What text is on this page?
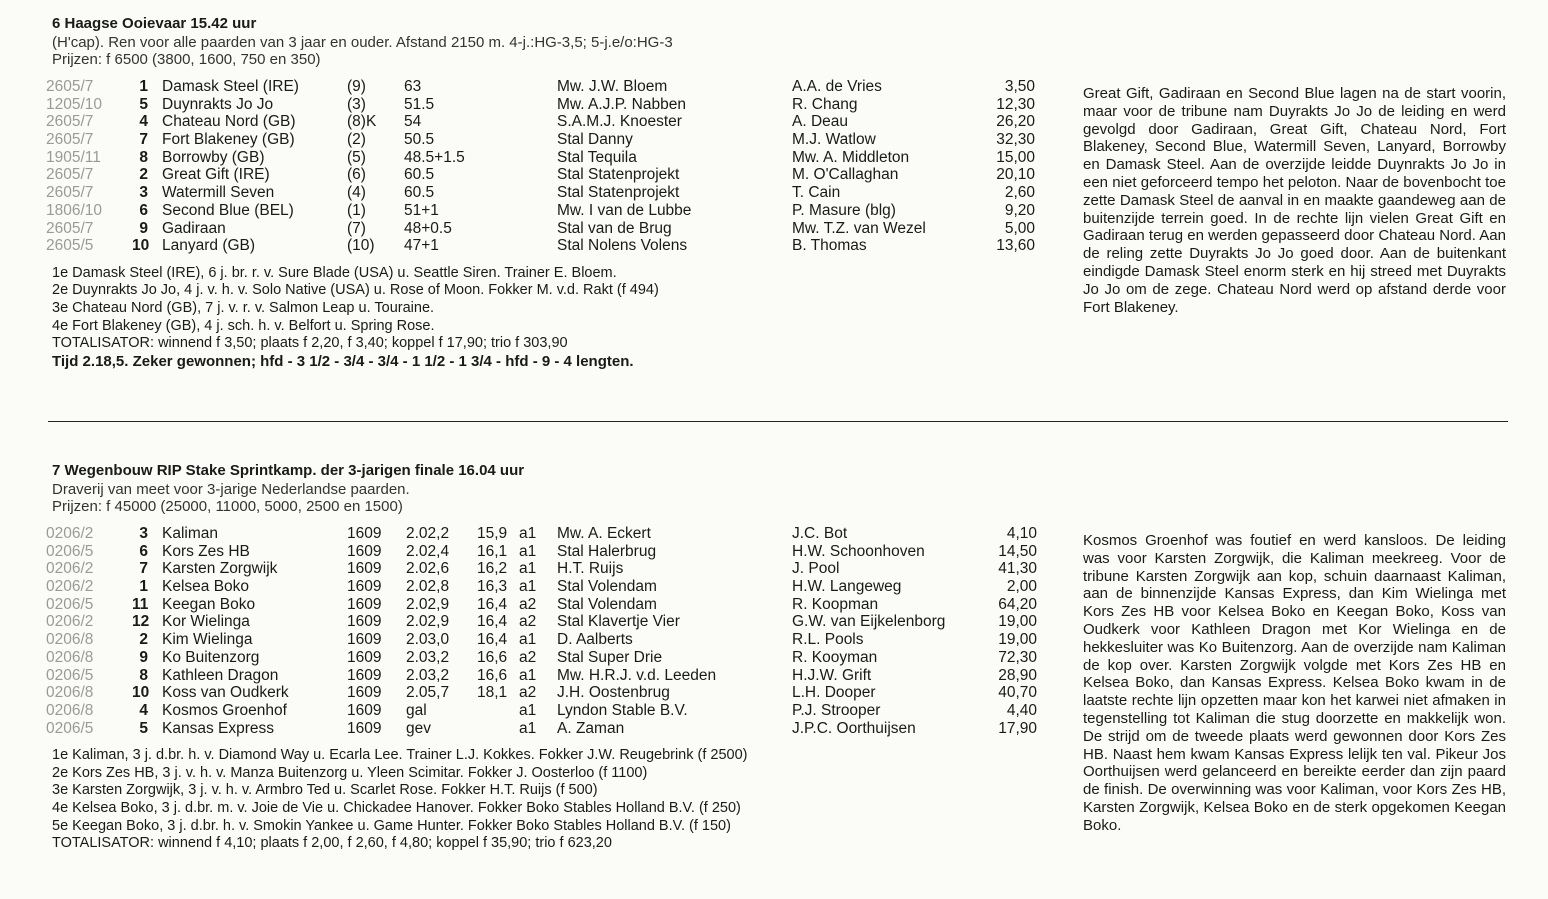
6 Haagse Ooievaar 15.42 uur
(H'cap). Ren voor alle paarden van 3 jaar en ouder. Afstand 2150 m. 4-j.:HG-3,5; 5-j.e/o:HG-3
Prijzen: f 6500 (3800, 1600, 750 en 350)
2605/7	1 Damask Steel (IRE)	(9) 63	Mw. J.W. Bloem	A.A. de Vries	3,50
1205/10	5 Duynrakts Jo Jo	(3) 51.5	Mw. A.J.P. Nabben	R. Chang	12,30
2605/7	4 Chateau Nord (GB)	(8)K 54	S.A.M.J. Knoester	A. Deau	26,20
2605/7	7 Fort Blakeney (GB)	(2) 50.5	Stal Danny	M.J. Watlow	32,30
1905/11	8 Borrowby (GB)	(5) 48.5+1.5	Stal Tequila	Mw. A. Middleton	15,00
2605/7	2 Great Gift (IRE)	(6) 60.5	Stal Statenprojekt	M. O'Callaghan	20,10
2605/7	3 Watermill Seven	(4) 60.5	Stal Statenprojekt	T. Cain	2,60
1806/10	6 Second Blue (BEL)	(1) 51+1	Mw. I van de Lubbe	P. Masure (blg)	9,20
2605/7	9 Gadiraan	(7) 48+0.5	Stal van de Brug	Mw. T.Z. van Wezel	5,00
2605/5 10 Lanyard (GB)	(10) 47+1	Stal Nolens Volens	B. Thomas	13,60
1e Damask Steel (IRE), 6 j. br. r. v. Sure Blade (USA) u. Seattle Siren. Trainer E. Bloem.
2e Duynrakts Jo Jo, 4 j. v. h. v. Solo Native (USA) u. Rose of Moon. Fokker M. v.d. Rakt (f 494)
3e Chateau Nord (GB), 7 j. v. r. v. Salmon Leap u. Touraine.
4e Fort Blakeney (GB), 4 j. sch. h. v. Belfort u. Spring Rose.
TOTALISATOR: winnend f 3,50; plaats f 2,20, f 3,40; koppel f 17,90; trio f 303,90
Tijd 2.18,5. Zeker gewonnen; hfd - 3 1/2 - 3/4 - 3/4 - 1 1/2 - 1 3/4 - hfd - 9 - 4 lengten.
Great Gift, Gadiraan en Second Blue lagen na de start voorin, maar voor de tribune nam Duyrakts Jo Jo de leiding en werd gevolgd door Gadiraan, Great Gift, Chateau Nord, Fort Blakeney, Second Blue, Watermill Seven, Lanyard, Borrowby en Damask Steel. Aan de overzijde leidde Duynrakts Jo Jo in een niet geforceerd tempo het peloton. Naar de bovenbocht toe zette Damask Steel de aanval in en maakte gaandeweg aan de buitenzijde terrein goed. In de rechte lijn vielen Great Gift en Gadiraan terug en werden gepasseerd door Chateau Nord. Aan de reling zette Duyrakts Jo Jo goed door. Aan de buitenkant eindigde Damask Steel enorm sterk en hij streed met Duyrakts Jo Jo om de zege. Chateau Nord werd op afstand derde voor Fort Blakeney.
7 Wegenbouw RIP Stake Sprintkamp. der 3-jarigen finale 16.04 uur
Draverij van meet voor 3-jarige Nederlandse paarden.
Prijzen: f 45000 (25000, 11000, 5000, 2500 en 1500)
0206/2	3 Kaliman	1609 2.02,2 15,9 a1 Mw. A. Eckert	J.C. Bot	4,10
0206/5	6 Kors Zes HB	1609 2.02,4 16,1 a1 Stal Halerbrug	H.W. Schoonhoven	14,50
0206/2	7 Karsten Zorgwijk	1609 2.02,6 16,2 a1 H.T. Ruijs	J. Pool	41,30
0206/2	1 Kelsea Boko	1609 2.02,8 16,3 a1 Stal Volendam	H.W. Langeweg	2,00
0206/5 11 Keegan Boko	1609 2.02,9 16,4 a2 Stal Volendam	R. Koopman	64,20
0206/2 12 Kor Wielinga	1609 2.02,9 16,4 a2 Stal Klavertje Vier	G.W. van Eijkelenborg	19,00
0206/8	2 Kim Wielinga	1609 2.03,0 16,4 a1 D. Aalberts	R.L. Pools	19,00
0206/8	9 Ko Buitenzorg	1609 2.03,2 16,6 a2 Stal Super Drie	R. Kooyman	72,30
0206/5	8 Kathleen Dragon	1609 2.03,2 16,6 a1 Mw. H.R.J. v.d. Leeden	H.J.W. Grift	28,90
0206/8 10 Koss van Oudkerk	1609 2.05,7 18,1 a2 J.H. Oostenbrug	L.H. Dooper	40,70
0206/8	4 Kosmos Groenhof	1609 gal	a1 Lyndon Stable B.V.	P.J. Strooper	4,40
0206/5	5 Kansas Express	1609 gev	a1 A. Zaman	J.P.C. Oorthuijsen	17,90
1e Kaliman, 3 j. d.br. h. v. Diamond Way u. Ecarla Lee. Trainer L.J. Kokkes. Fokker J.W. Reugebrink (f 2500)
2e Kors Zes HB, 3 j. v. h. v. Manza Buitenzorg u. Yleen Scimitar. Fokker J. Oosterloo (f 1100)
3e Karsten Zorgwijk, 3 j. v. h. v. Armbro Ted u. Scarlet Rose. Fokker H.T. Ruijs (f 500)
4e Kelsea Boko, 3 j. d.br. m. v. Joie de Vie u. Chickadee Hanover. Fokker Boko Stables Holland B.V. (f 250)
5e Keegan Boko, 3 j. d.br. h. v. Smokin Yankee u. Game Hunter. Fokker Boko Stables Holland B.V. (f 150)
TOTALISATOR: winnend f 4,10; plaats f 2,00, f 2,60, f 4,80; koppel f 35,90; trio f 623,20
Kosmos Groenhof was foutief en werd kansloos. De leiding was voor Karsten Zorgwijk, die Kaliman meekreeg. Voor de tribune Karsten Zorgwijk aan kop, schuin daarnaast Kaliman, aan de binnenzijde Kansas Express, dan Kim Wielinga met Kors Zes HB voor Kelsea Boko en Keegan Boko, Koss van Oudkerk voor Kathleen Dragon met Kor Wielinga en de hekkesluiter was Ko Buitenzorg. Aan de overzijde nam Kaliman de kop over. Karsten Zorgwijk volgde met Kors Zes HB en Kelsea Boko, dan Kansas Express. Kelsea Boko kwam in de laatste rechte lijn opzetten maar kon het karwei niet afmaken in tegenstelling tot Kaliman die stug doorzette en makkelijk won. De strijd om de tweede plaats werd gewonnen door Kors Zes HB. Naast hem kwam Kansas Express lelijk ten val. Pikeur Jos Oorthuijsen werd gelanceerd en bereikte eerder dan zijn paard de finish. De overwinning was voor Kaliman, voor Kors Zes HB, Karsten Zorgwijk, Kelsea Boko en de sterk opgekomen Keegan Boko.
